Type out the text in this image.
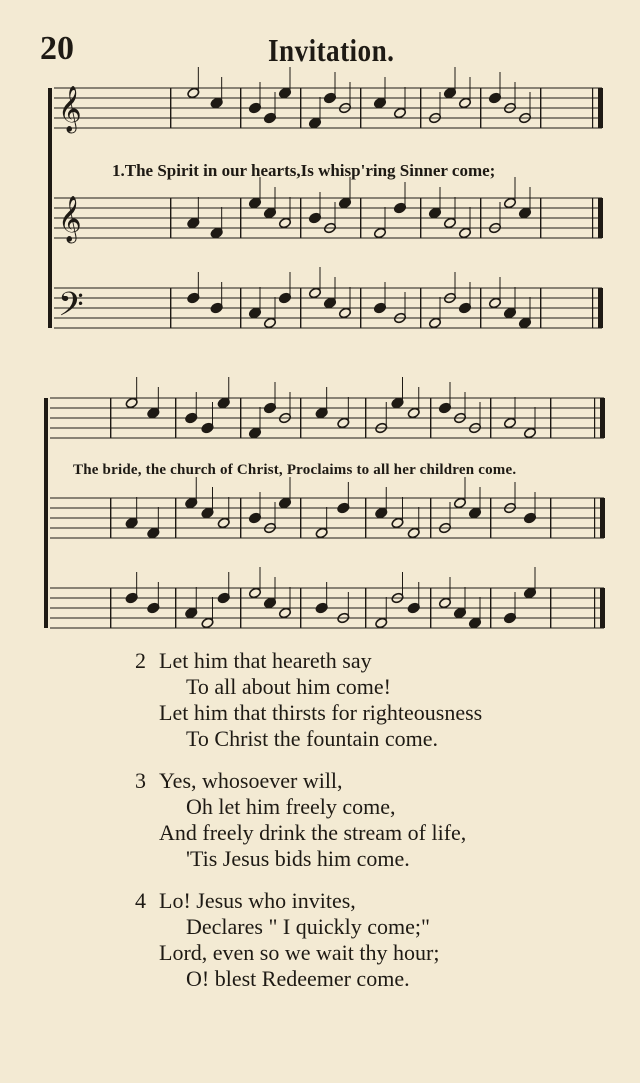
20	Invitation.
𝄞
𝄞
𝄢
1.The Spirit in our hearts,Is whisp'ring Sinner come;
The bride, the church of Christ, Proclaims to all her children come.
2 Let him that heareth say
To all about him come!
Let him that thirsts for righteousness
To Christ the fountain come.
3 Yes, whosoever will,
Oh let him freely come,
And freely drink the stream of life,
'Tis Jesus bids him come.
4 Lo! Jesus who invites,
Declares " I quickly come;"
Lord, even so we wait thy hour;
O! blest Redeemer come.
